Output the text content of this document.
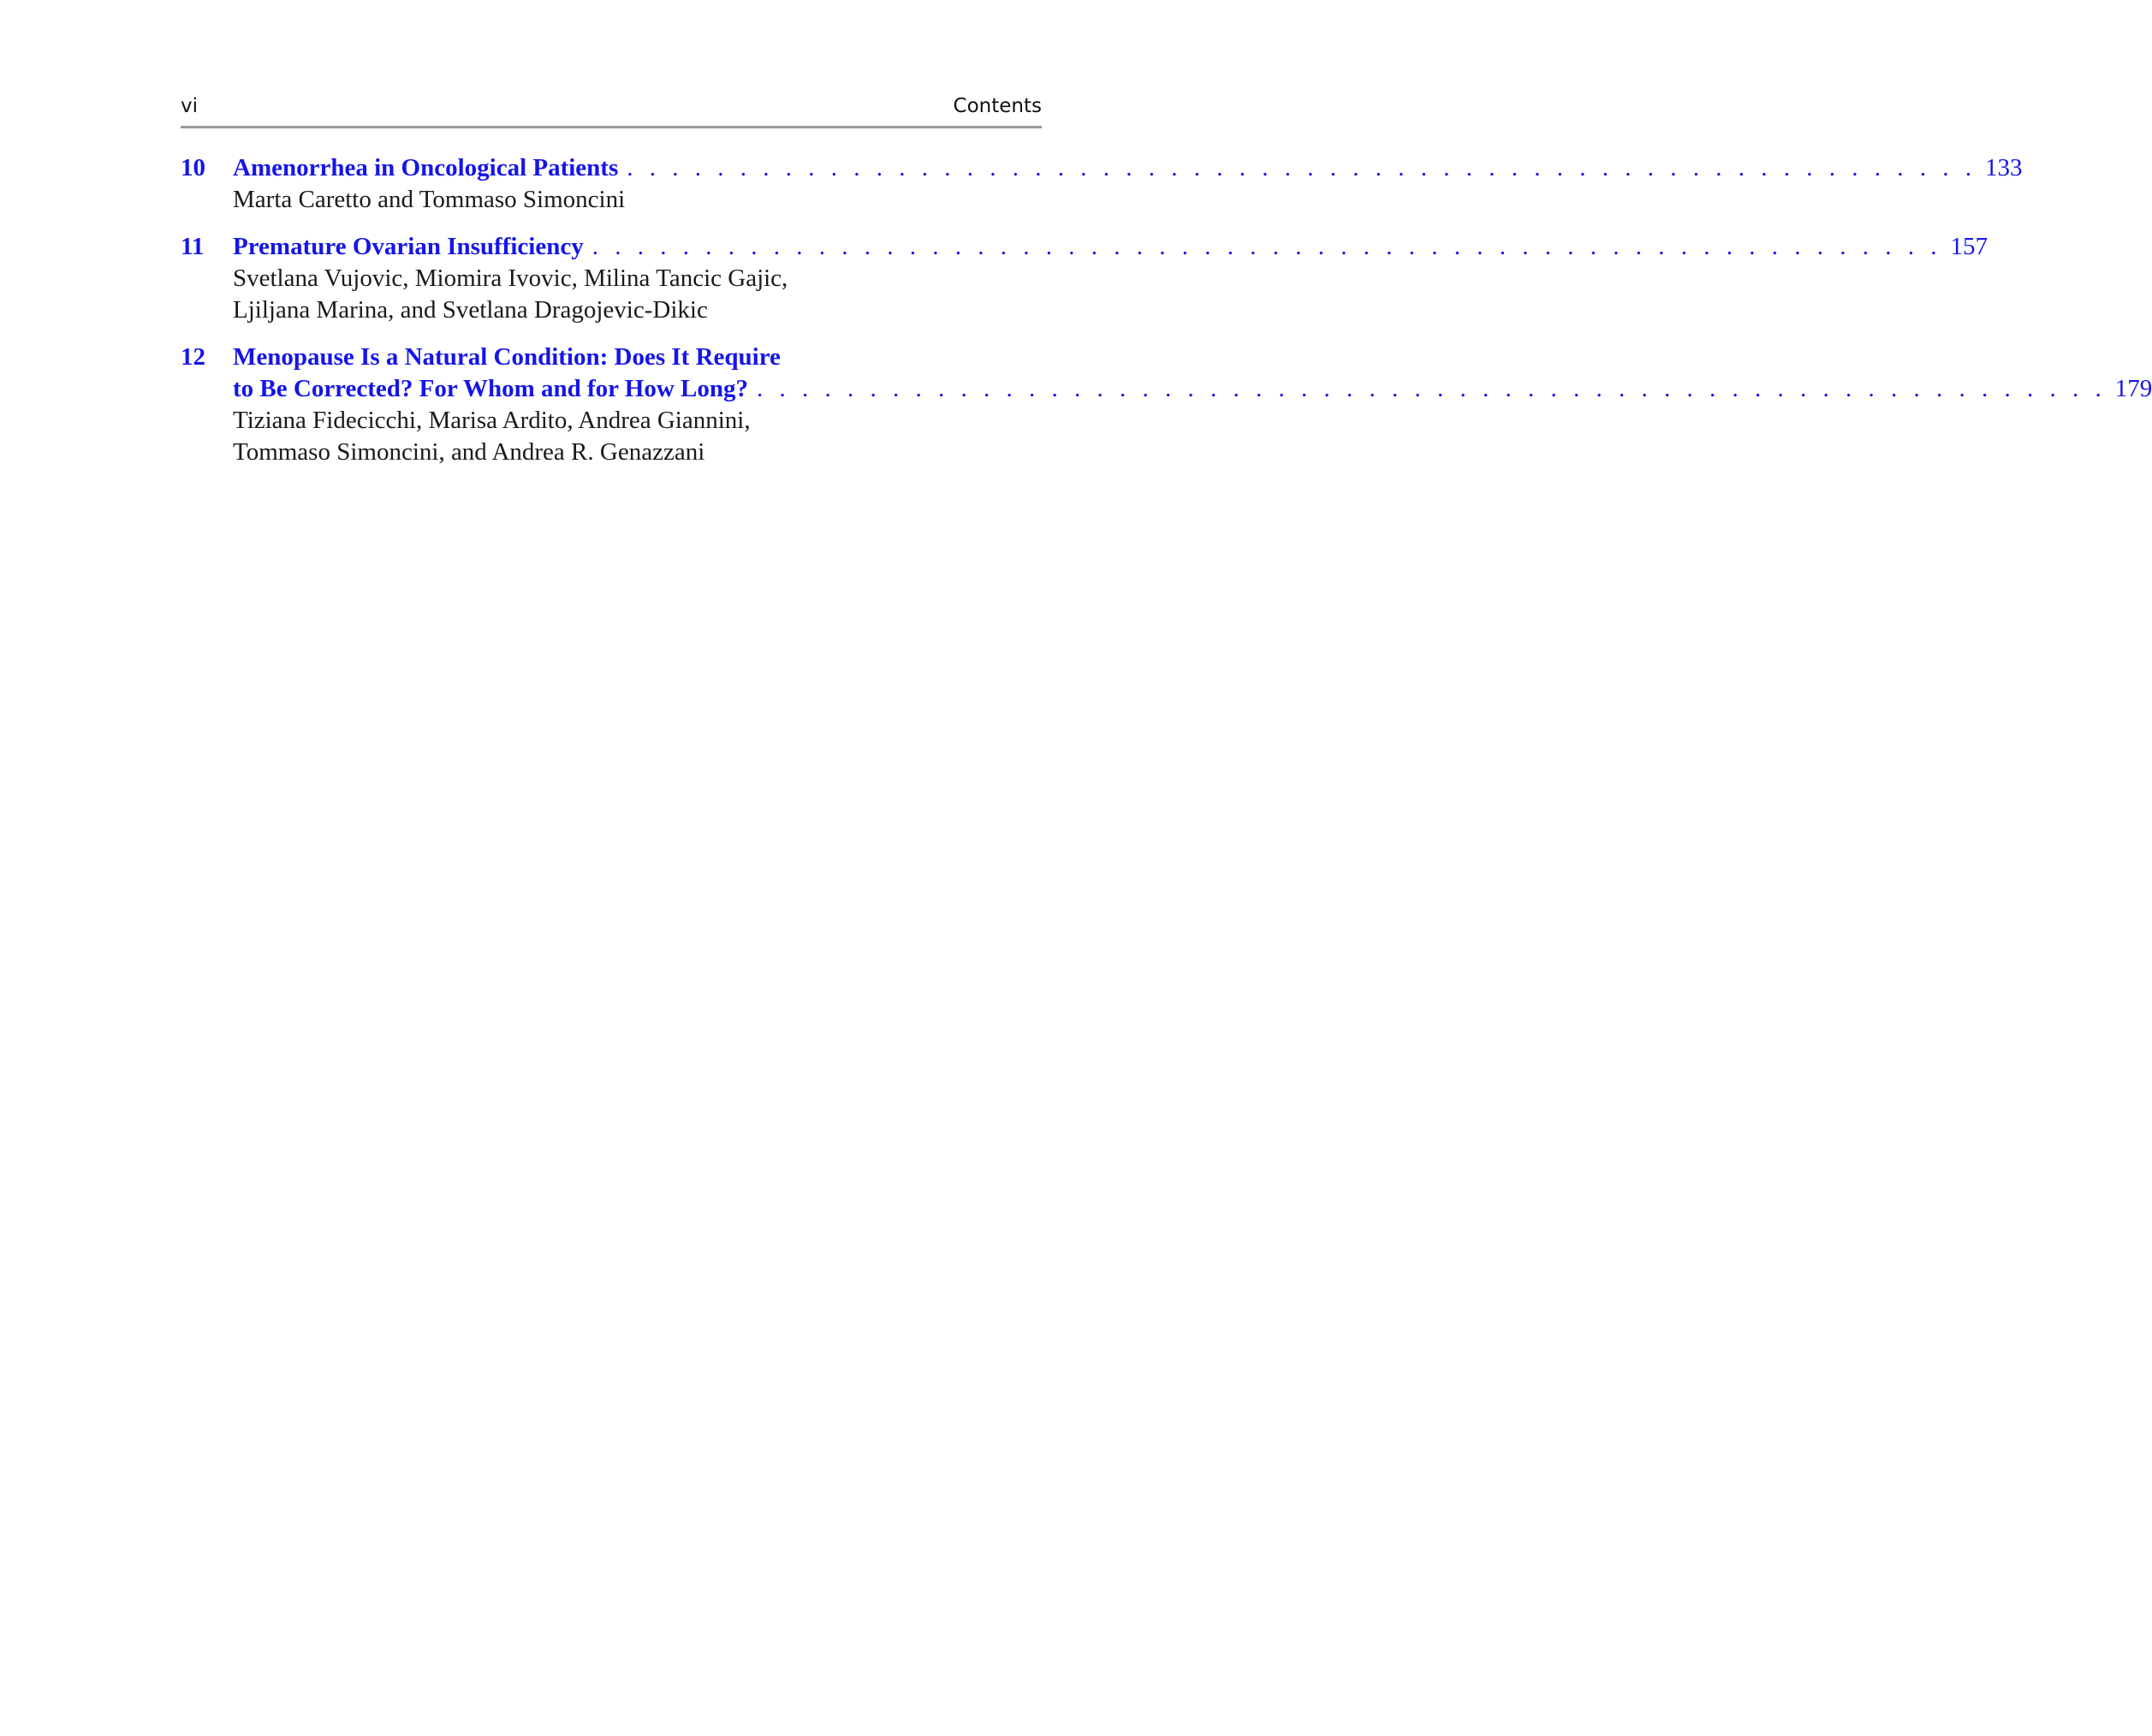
vi	Contents
10	Amenorrhea in Oncological Patients . . . . . . . . . . . . . . . . . . . . . . . . . . . . . . . . . . . . . . . . . . . . . . . . . . . . . . . . . . . . 133
Marta Caretto and Tommaso Simoncini
11	Premature Ovarian Insufficiency . . . . . . . . . . . . . . . . . . . . . . . . . . . . . . . . . . . . . . . . . . . . . . . . . . . . . . . . . . . . 157
Svetlana Vujovic, Miomira Ivovic, Milina Tancic Gajic,
Ljiljana Marina, and Svetlana Dragojevic-Dikic
12	Menopause Is a Natural Condition: Does It Require
to Be Corrected? For Whom and for How Long? . . . . . . . . . . . . . . . . . . . . . . . . . . . . . . . . . . . . . . . . . . . . . . . . . . . . . . . . . . . . 179
Tiziana Fidecicchi, Marisa Ardito, Andrea Giannini,
Tommaso Simoncini, and Andrea R. Genazzani
